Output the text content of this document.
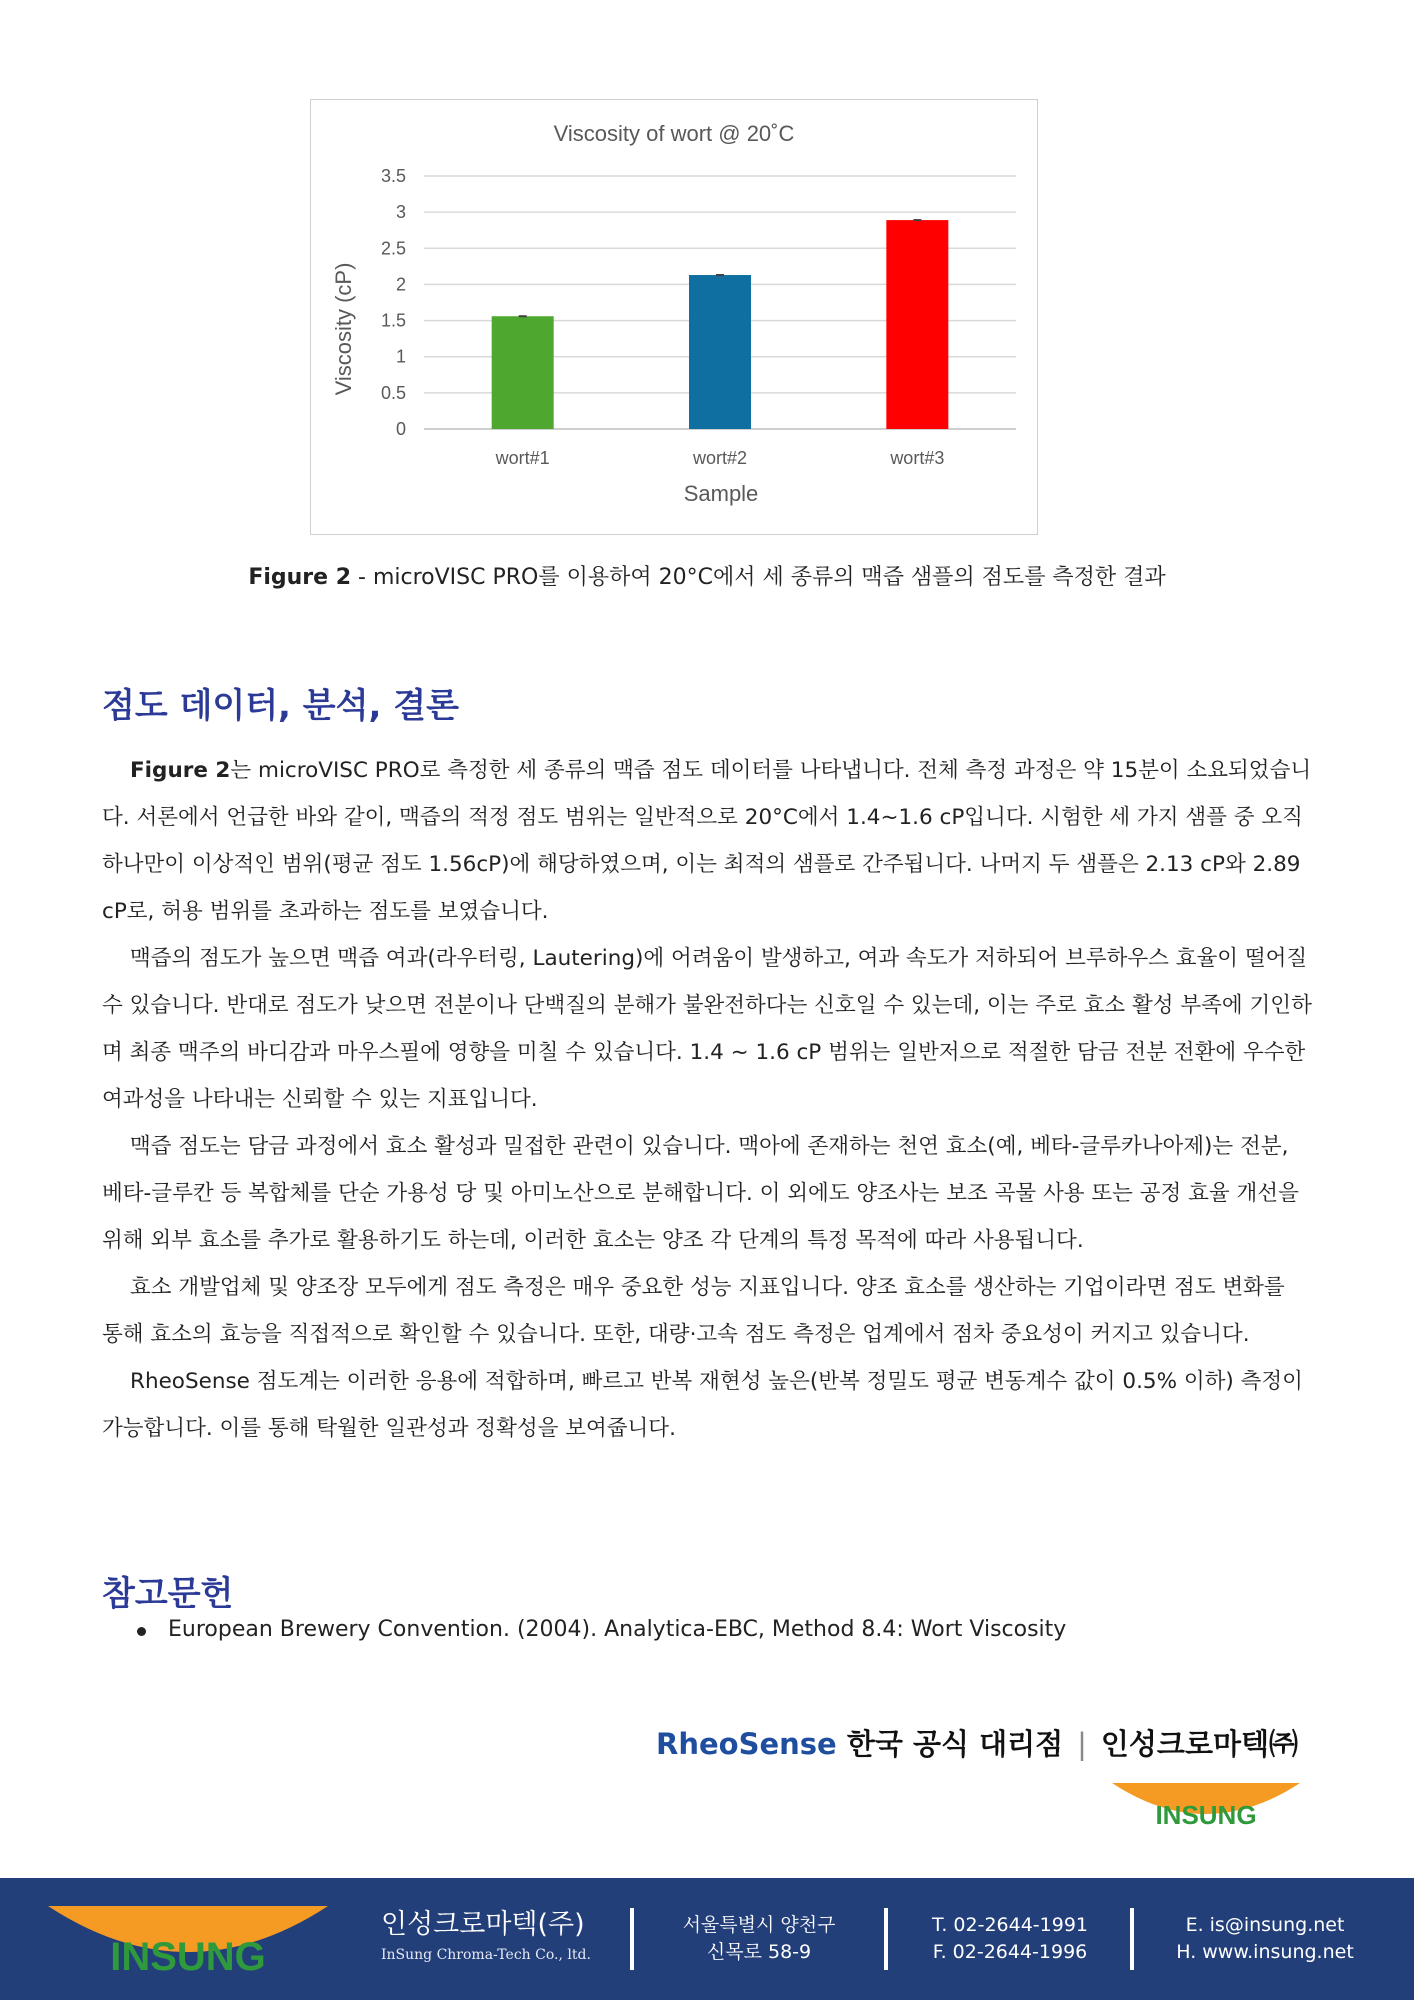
Viscosity of wort @ 20˚C
Viscosity (cP)
Sample
0
0.5
1
1.5
2
2.5
3
3.5
wort#1	wort#2	wort#3
Figure 2 - microVISC PRO를 이용하여 20°C에서 세 종류의 맥즙 샘플의 점도를 측정한 결과
점도 데이터, 분석, 결론

Figure 2는 microVISC PRO로 측정한 세 종류의 맥즙 점도 데이터를 나타냅니다. 전체 측정 과정은 약 15분이 소요되었습니다. 서론에서 언급한 바와 같이, 맥즙의 적정 점도 범위는 일반적으로 20°C에서 1.4~1.6 cP입니다. 시험한 세 가지 샘플 중 오직 하나만이 이상적인 범위(평균 점도 1.56cP)에 해당하였으며, 이는 최적의 샘플로 간주됩니다. 나머지 두 샘플은 2.13 cP와 2.89 cP로, 허용 범위를 초과하는 점도를 보였습니다.

맥즙의 점도가 높으면 맥즙 여과(라우터링, Lautering)에 어려움이 발생하고, 여과 속도가 저하되어 브루하우스 효율이 떨어질 수 있습니다. 반대로 점도가 낮으면 전분이나 단백질의 분해가 불완전하다는 신호일 수 있는데, 이는 주로 효소 활성 부족에 기인하며 최종 맥주의 바디감과 마우스필에 영향을 미칠 수 있습니다. 1.4 ~ 1.6 cP 범위는 일반저으로 적절한 담금 전분 전환에 우수한 여과성을 나타내는 신뢰할 수 있는 지표입니다.

맥즙 점도는 담금 과정에서 효소 활성과 밀접한 관련이 있습니다. 맥아에 존재하는 천연 효소(예, 베타-글루카나아제)는 전분, 베타-글루칸 등 복합체를 단순 가용성 당 및 아미노산으로 분해합니다. 이 외에도 양조사는 보조 곡물 사용 또는 공정 효율 개선을 위해 외부 효소를 추가로 활용하기도 하는데, 이러한 효소는 양조 각 단계의 특정 목적에 따라 사용됩니다.

효소 개발업체 및 양조장 모두에게 점도 측정은 매우 중요한 성능 지표입니다. 양조 효소를 생산하는 기업이라면 점도 변화를 통해 효소의 효능을 직접적으로 확인할 수 있습니다. 또한, 대량·고속 점도 측정은 업계에서 점차 중요성이 커지고 있습니다.

RheoSense 점도계는 이러한 응용에 적합하며, 빠르고 반복 재현성 높은(반복 정밀도 평균 변동계수 값이 0.5% 이하) 측정이 가능합니다. 이를 통해 탁월한 일관성과 정확성을 보여줍니다.

참고문헌
European Brewery Convention. (2004). Analytica-EBC, Method 8.4: Wort Viscosity
RheoSense 한국 공식 대리점 | 인성크로마텍㈜
INSUNG
INSUNG
인성크로마텍(주)
InSung Chroma-Tech Co., ltd.
서울특별시 양천구
신목로 58-9
T. 02-2644-1991
F. 02-2644-1996
E. is@insung.net
H. www.insung.net
